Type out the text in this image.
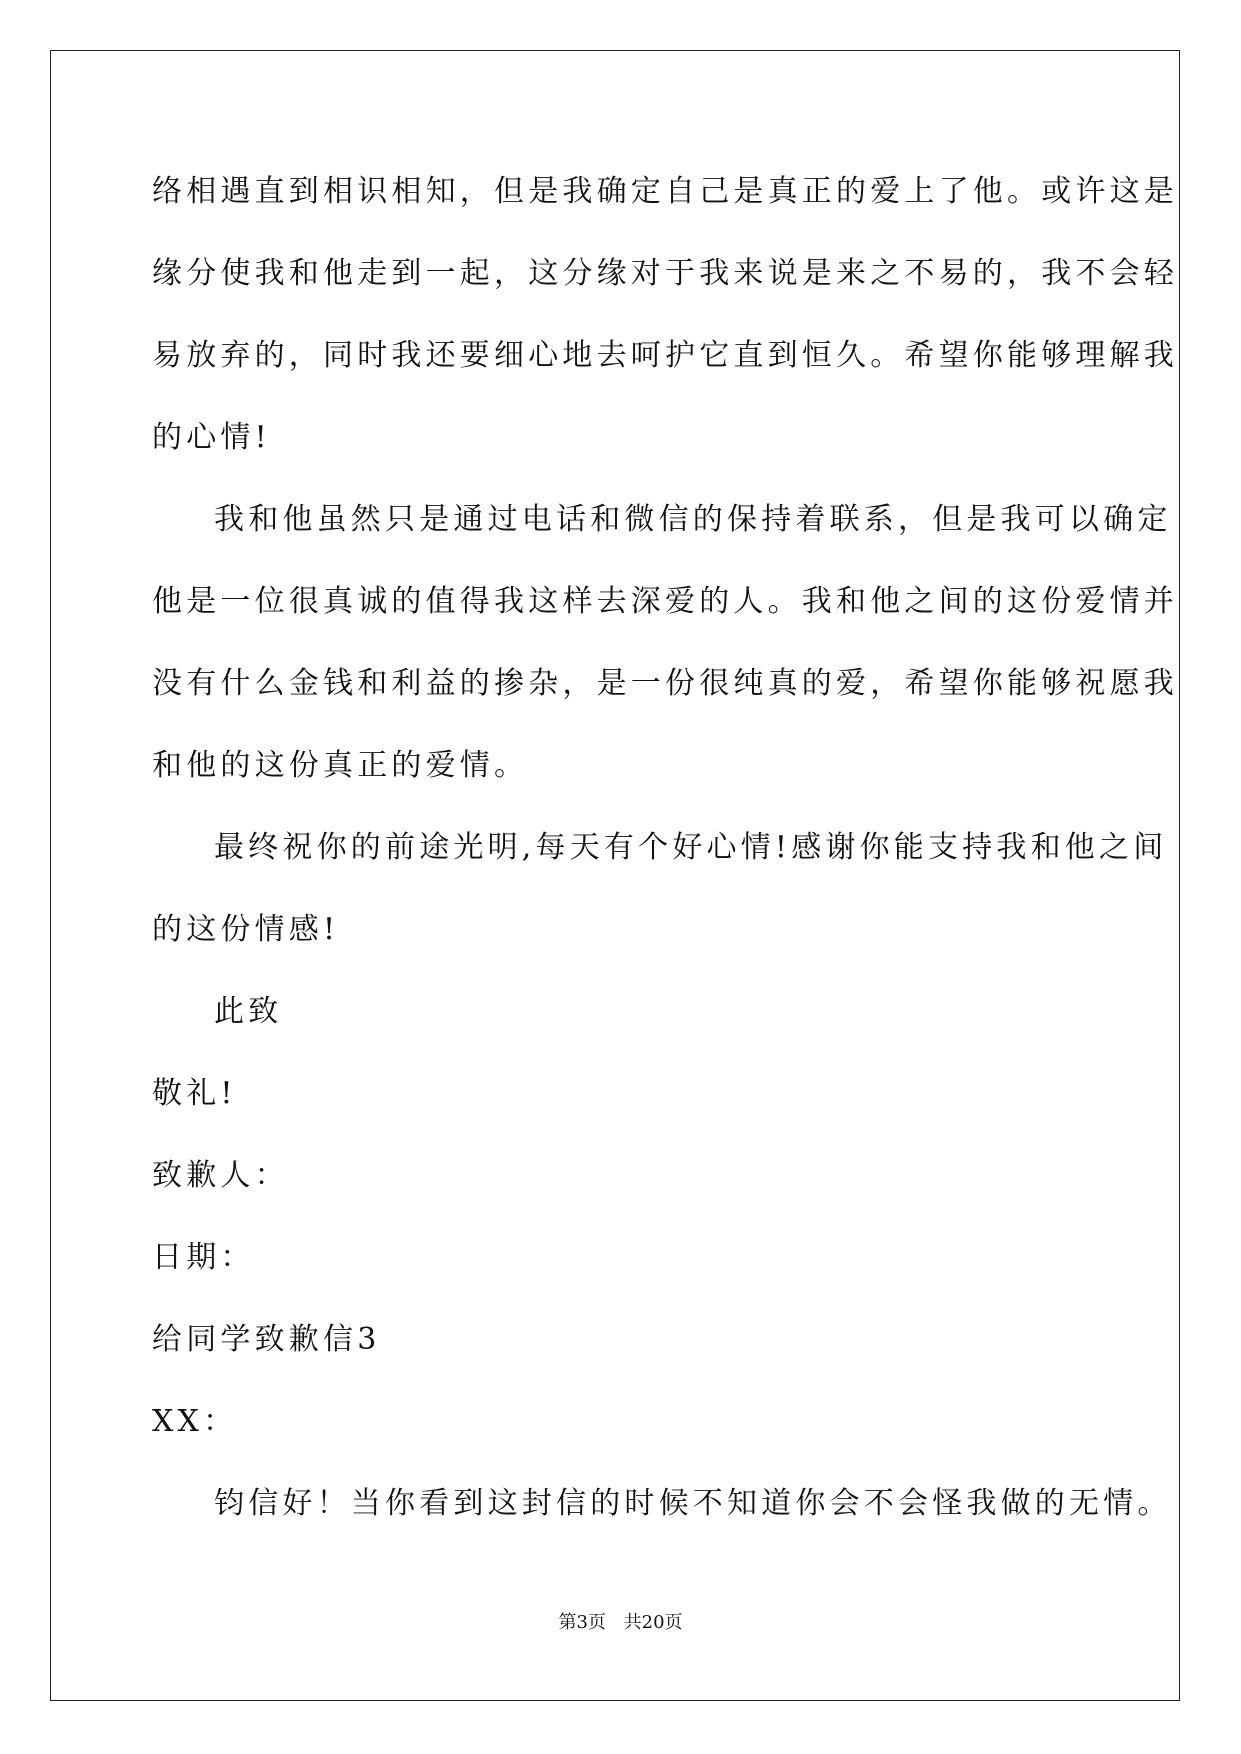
络相遇直到相识相知，但是我确定自己是真正的爱上了他。或许这是
缘分使我和他走到一起，这分缘对于我来说是来之不易的，我不会轻
易放弃的，同时我还要细心地去呵护它直到恒久。希望你能够理解我
的心情!
我和他虽然只是通过电话和微信的保持着联系，但是我可以确定
他是一位很真诚的值得我这样去深爱的人。我和他之间的这份爱情并
没有什么金钱和利益的掺杂，是一份很纯真的爱，希望你能够祝愿我
和他的这份真正的爱情。
最终祝你的前途光明,每天有个好心情!感谢你能支持我和他之间
的这份情感!
此致
敬礼!
致歉人：
日期：
给同学致歉信3
XX：
钧信好！当你看到这封信的时候不知道你会不会怪我做的无情。
第3页 共20页
